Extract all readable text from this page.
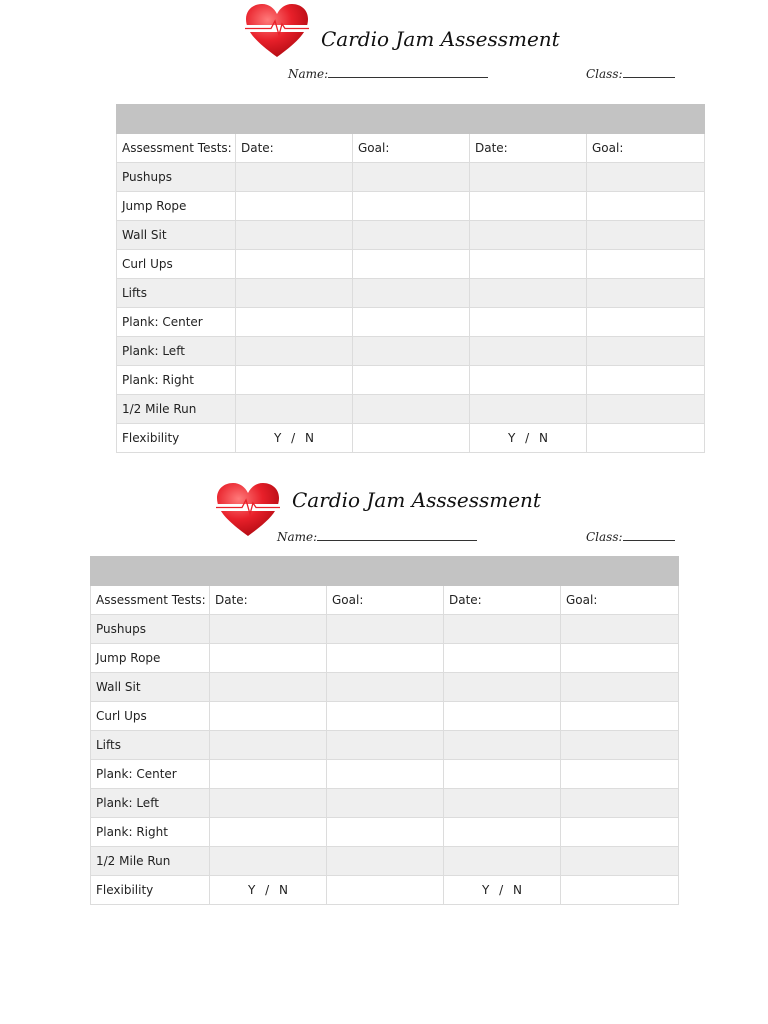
Cardio Jam Assessment
Name:	Class:

Assessment Tests:	Date:	Goal:	Date:	Goal:
Pushups				
Jump Rope				
Wall Sit				
Curl Ups				
Lifts				
Plank: Center				
Plank: Left				
Plank: Right				
1/2 Mile Run				
Flexibility	Y / N		Y / N	
Cardio Jam Asssessment
Name:	Class:

Assessment Tests:	Date:	Goal:	Date:	Goal:
Pushups				
Jump Rope				
Wall Sit				
Curl Ups				
Lifts				
Plank: Center				
Plank: Left				
Plank: Right				
1/2 Mile Run				
Flexibility	Y / N		Y / N	
